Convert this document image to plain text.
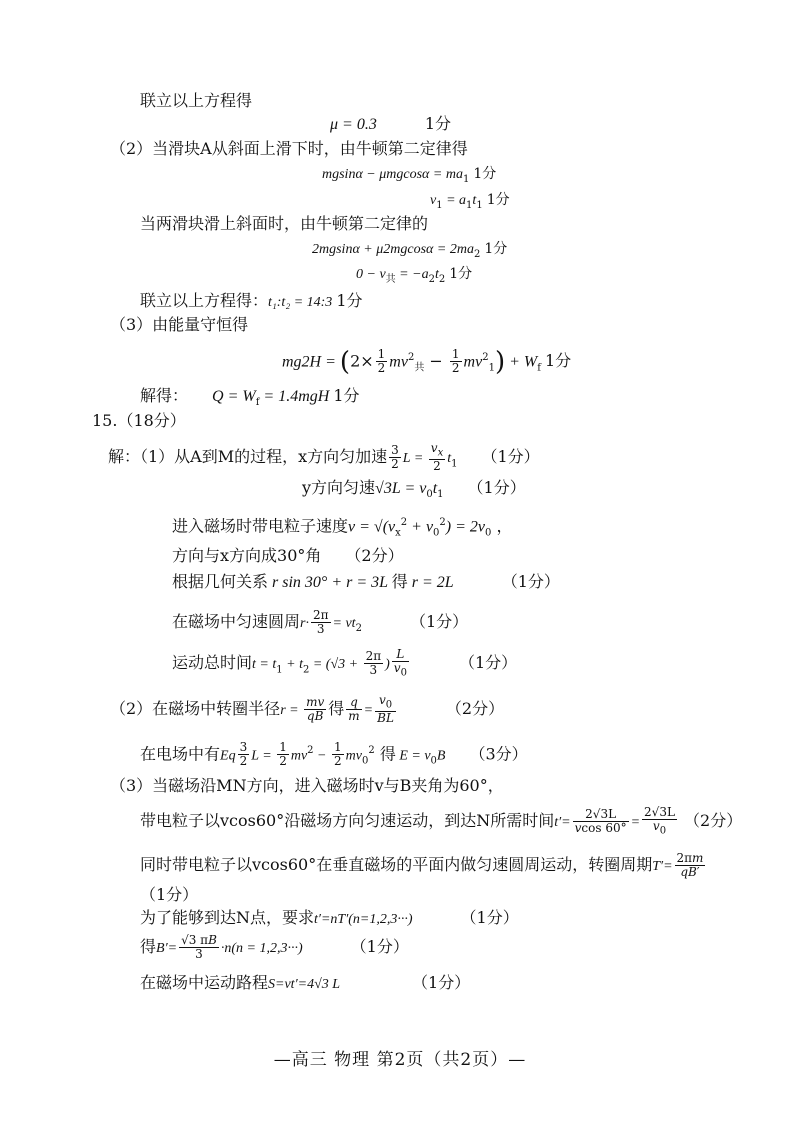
联立以上方程得
μ = 0.3	1分
（2）当滑块A从斜面上滑下时，由牛顿第二定律得
$mgsin\alpha - \mu mgcos\alpha = ma_1$ 1分
$v_1 = a_1t_1$ 1分
当两滑块滑上斜面时，由牛顿第二定律的
$2mgsin\alpha + \mu 2mgcos\alpha = 2ma_2$ 1分
$0 - v_共 = -a_2t_2$ 1分
联立以上方程得：t₁:t₂ = 14:3 1分
（3）由能量守恒得
$mg2H = (2\times \frac{1}{2} mv^2_共 - \frac{1}{2} mv^2_1) + W_f$ 1分
解得： $Q = W_f = 1.4mgH$ 1分
15.（18分）
解：（1）从A到M的过程，x方向匀加速 $\frac{3}{2}$ $L = \frac{v_x}{2} t_1$ （1分）
y方向匀速$√3L = v_0t_1$ （1分）
进入磁场时带电粒子速度$v = √(v_x^2 + v_0^2) = 2v_0$ ，
方向与x方向成30°角 （2分）
根据几何关系 r sin 30° + r = 3L 得 r = 2L	（1分）
在磁场中匀速圆周$r\cdot \frac{2\pi}{3} = vt_2$	（1分）
运动总时间$t = t_1 + t_2 = (√3 + \frac{2\pi}{3}$ ) $\frac{L}{v_0}$	（1分）
（2）在磁场中转圈半径$r = \frac{mv}{qB}$ 得 $\frac{q}{m} = \frac{v_0}{BL}$	（2分）
在电场中有Eq $\frac{3}{2}$ $L = \frac{1}{2} mv^2 - \frac{1}{2} mv_0^2$ 得 $E = v_0B$ （3分）
（3）当磁场沿MN方向，进入磁场时v与B夹角为60°，
带电粒子以vcos60°沿磁场方向匀速运动，到达N所需时间$t'= \frac{2√3L}{vcos 60^\circ} = \frac{2√3L}{v_0} (2$分）
同时带电粒子以vcos60°在垂直磁场的平面内做匀速圆周运动，转圈周期$T'= \frac{2\pi m}{qB'}$
（1分）
为了能够到达N点，要求t′=nT′(n=1,2,3···)	（1分）
得$B'= \frac{√3 \pi B}{3} \cdot n(n = 1,2,3\cdot\cdot\cdot)$	（1分）
在磁场中运动路程S=vt′=4√3 L	（1分）
—高三 物理 第2页（共2页）—
